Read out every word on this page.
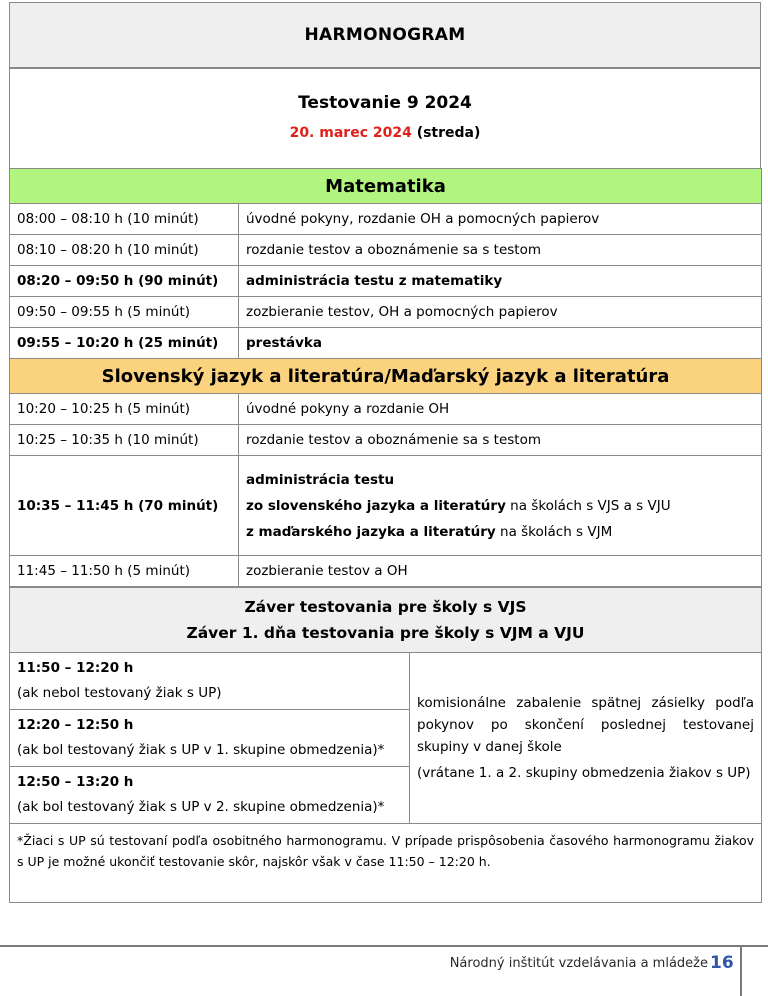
HARMONOGRAM
Testovanie 9 2024
20. marec 2024 (streda)
Matematika	
08:00 – 08:10 h (10 minút)	úvodné pokyny, rozdanie OH a pomocných papierov
08:10 – 08:20 h (10 minút)	rozdanie testov a oboznámenie sa s testom
08:20 – 09:50 h (90 minút)	administrácia testu z matematiky
09:50 – 09:55 h (5 minút)	zozbieranie testov, OH a pomocných papierov
09:55 – 10:20 h (25 minút)	prestávka
Slovenský jazyk a literatúra/Maďarský jazyk a literatúra	
10:20 – 10:25 h (5 minút)	úvodné pokyny a rozdanie OH
10:25 – 10:35 h (10 minút)	rozdanie testov a oboznámenie sa s testom
10:35 – 11:45 h (70 minút)	administrácia testu
zo slovenského jazyka a literatúry na školách s VJS a s VJU
z maďarského jazyka a literatúry na školách s VJM

11:45 – 11:50 h (5 minút)	zozbieranie testov a OH
Záver testovania pre školy s VJS
Záver 1. dňa testovania pre školy s VJM a VJU

11:50 – 12:20 h
(ak nebol testovaný žiak s UP)

komisionálne zabalenie spätnej zásielky podľa pokynov po skončení poslednej testovanej skupiny v danej škole
(vrátane 1. a 2. skupiny obmedzenia žiakov s UP)

12:20 – 12:50 h
(ak bol testovaný žiak s UP v 1. skupine obmedzenia)*

12:50 – 13:20 h
(ak bol testovaný žiak s UP v 2. skupine obmedzenia)*

*Žiaci s UP sú testovaní podľa osobitného harmonogramu. V prípade prispôsobenia časového harmonogramu žiakov s UP je možné ukončiť testovanie skôr, najskôr však v čase 11:50 – 12:20 h.
Národný inštitút vzdelávania a mládeže 16
